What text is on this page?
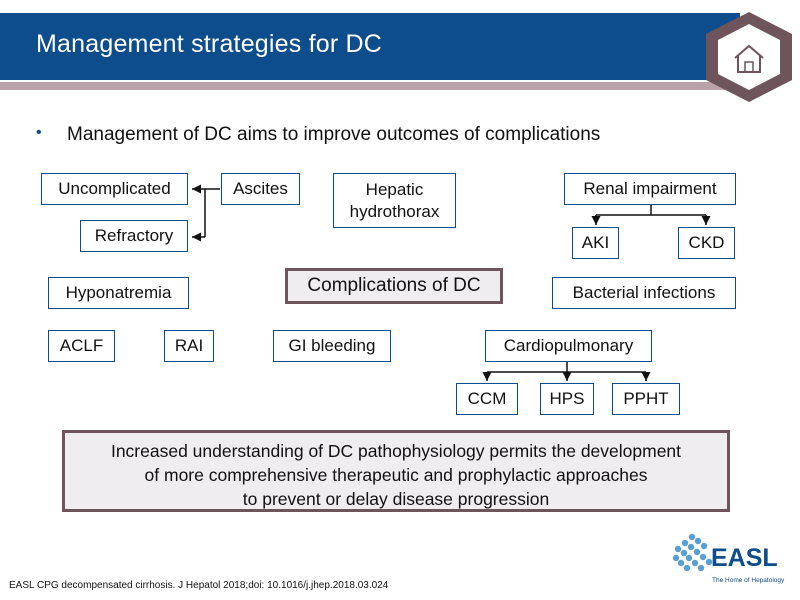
Management strategies for DC
• Management of DC aims to improve outcomes of complications
Uncomplicated	Ascites
Refractory
Hepatic
hydrothorax
Renal impairment
AKI	CKD
Hyponatremia	Complications of DC	Bacterial infections
ACLF	RAI	GI bleeding	Cardiopulmonary
CCM	HPS	PPHT
Increased understanding of DC pathophysiology permits the development
of more comprehensive therapeutic and prophylactic approaches
to prevent or delay disease progression
EASL CPG decompensated cirrhosis. J Hepatol 2018;doi: 10.1016/j.jhep.2018.03.024
EASL
The Home of Hepatology
